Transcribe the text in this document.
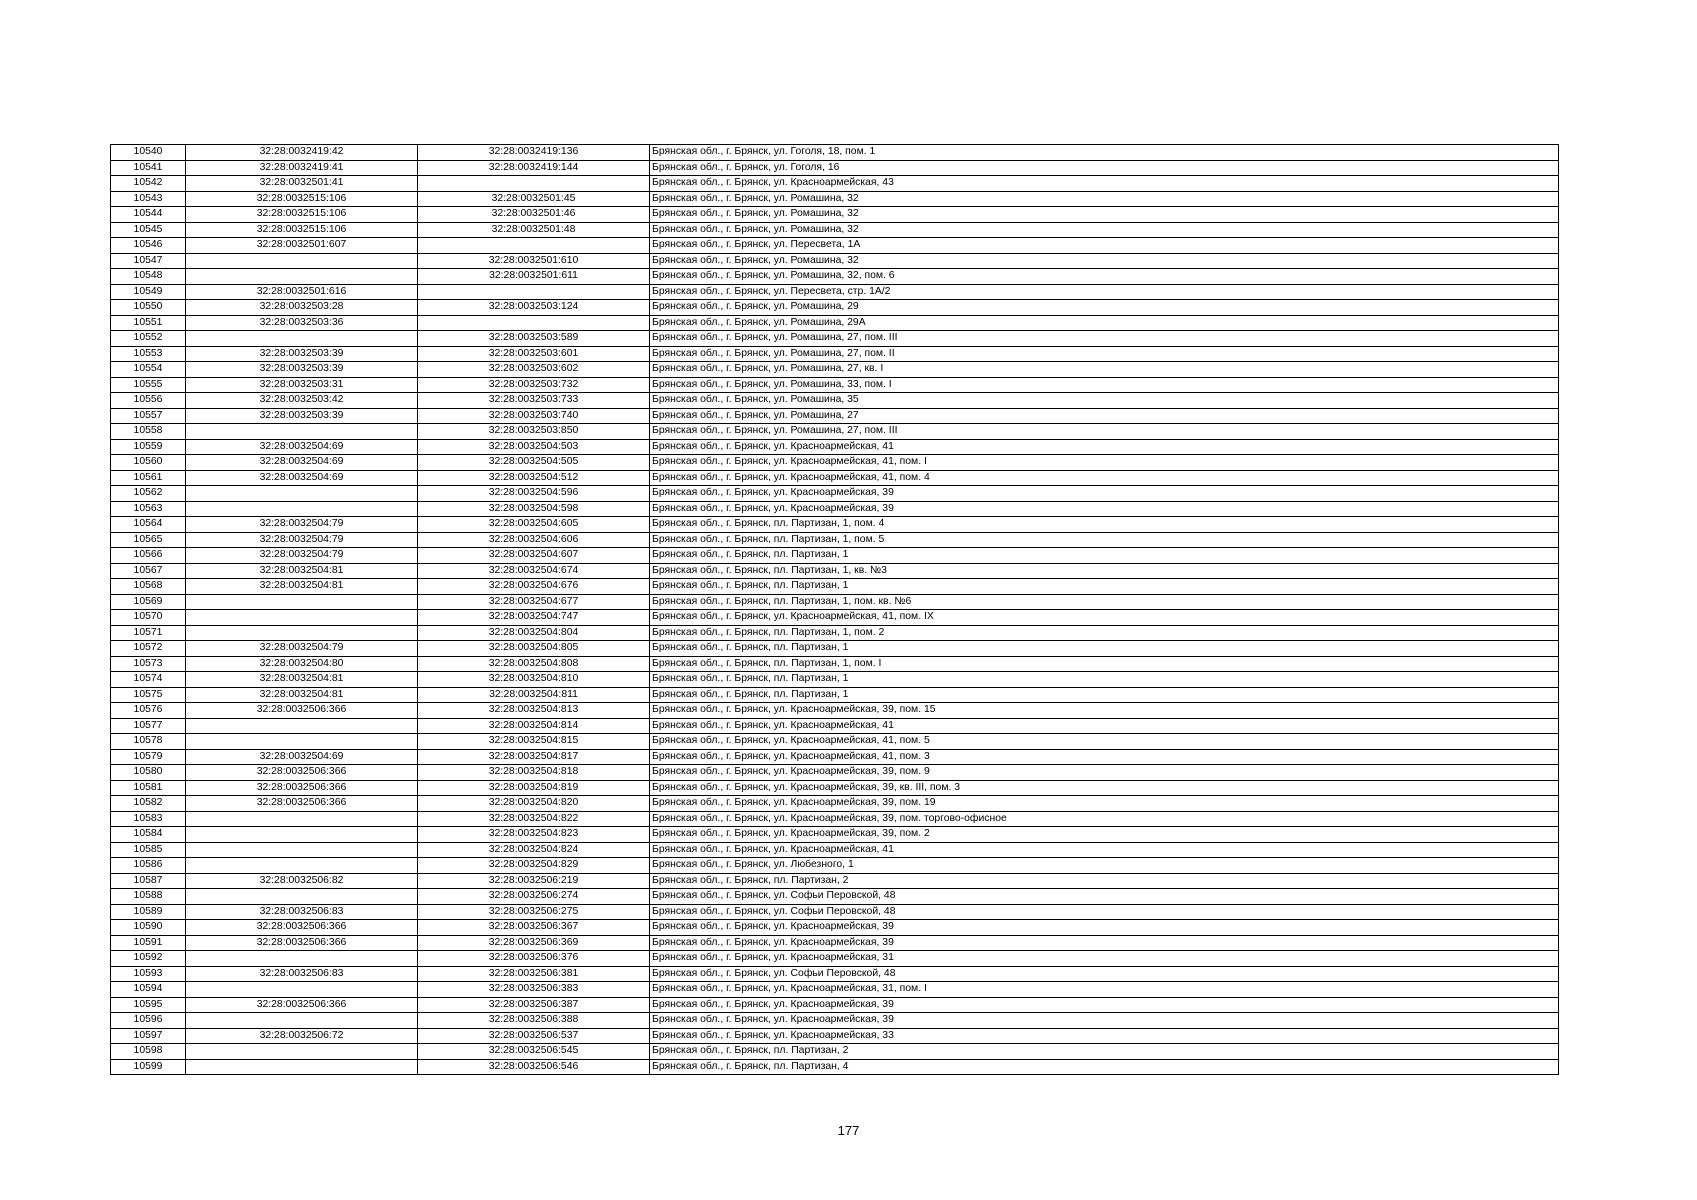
10540	32:28:0032419:42	32:28:0032419:136	Брянская обл., г. Брянск, ул. Гоголя, 18, пом. 1
10541	32:28:0032419:41	32:28:0032419:144	Брянская обл., г. Брянск, ул. Гоголя, 16
10542	32:28:0032501:41		Брянская обл., г. Брянск, ул. Красноармейская, 43
10543	32:28:0032515:106	32:28:0032501:45	Брянская обл., г. Брянск, ул. Ромашина, 32
10544	32:28:0032515:106	32:28:0032501:46	Брянская обл., г. Брянск, ул. Ромашина, 32
10545	32:28:0032515:106	32:28:0032501:48	Брянская обл., г. Брянск, ул. Ромашина, 32
10546	32:28:0032501:607		Брянская обл., г. Брянск, ул. Пересвета, 1А
10547		32:28:0032501:610	Брянская обл., г. Брянск, ул. Ромашина, 32
10548		32:28:0032501:611	Брянская обл., г. Брянск, ул. Ромашина, 32, пом. 6
10549	32:28:0032501:616		Брянская обл., г. Брянск, ул. Пересвета, стр. 1А/2
10550	32:28:0032503:28	32:28:0032503:124	Брянская обл., г. Брянск, ул. Ромашина, 29
10551	32:28:0032503:36		Брянская обл., г. Брянск, ул. Ромашина, 29А
10552		32:28:0032503:589	Брянская обл., г. Брянск, ул. Ромашина, 27, пом. III
10553	32:28:0032503:39	32:28:0032503:601	Брянская обл., г. Брянск, ул. Ромашина, 27, пом. II
10554	32:28:0032503:39	32:28:0032503:602	Брянская обл., г. Брянск, ул. Ромашина, 27, кв. I
10555	32:28:0032503:31	32:28:0032503:732	Брянская обл., г. Брянск, ул. Ромашина, 33, пом. I
10556	32:28:0032503:42	32:28:0032503:733	Брянская обл., г. Брянск, ул. Ромашина, 35
10557	32:28:0032503:39	32:28:0032503:740	Брянская обл., г. Брянск, ул. Ромашина, 27
10558		32:28:0032503:850	Брянская обл., г. Брянск, ул. Ромашина, 27, пом. III
10559	32:28:0032504:69	32:28:0032504:503	Брянская обл., г. Брянск, ул. Красноармейская, 41
10560	32:28:0032504:69	32:28:0032504:505	Брянская обл., г. Брянск, ул. Красноармейская, 41, пом. I
10561	32:28:0032504:69	32:28:0032504:512	Брянская обл., г. Брянск, ул. Красноармейская, 41, пом. 4
10562		32:28:0032504:596	Брянская обл., г. Брянск, ул. Красноармейская, 39
10563		32:28:0032504:598	Брянская обл., г. Брянск, ул. Красноармейская, 39
10564	32:28:0032504:79	32:28:0032504:605	Брянская обл., г. Брянск, пл. Партизан, 1, пом. 4
10565	32:28:0032504:79	32:28:0032504:606	Брянская обл., г. Брянск, пл. Партизан, 1, пом. 5
10566	32:28:0032504:79	32:28:0032504:607	Брянская обл., г. Брянск, пл. Партизан, 1
10567	32:28:0032504:81	32:28:0032504:674	Брянская обл., г. Брянск, пл. Партизан, 1, кв. №3
10568	32:28:0032504:81	32:28:0032504:676	Брянская обл., г. Брянск, пл. Партизан, 1
10569		32:28:0032504:677	Брянская обл., г. Брянск, пл. Партизан, 1, пом. кв. №6
10570		32:28:0032504:747	Брянская обл., г. Брянск, ул. Красноармейская, 41, пом. IX
10571		32:28:0032504:804	Брянская обл., г. Брянск, пл. Партизан, 1, пом. 2
10572	32:28:0032504:79	32:28:0032504:805	Брянская обл., г. Брянск, пл. Партизан, 1
10573	32:28:0032504:80	32:28:0032504:808	Брянская обл., г. Брянск, пл. Партизан, 1, пом. I
10574	32:28:0032504:81	32:28:0032504:810	Брянская обл., г. Брянск, пл. Партизан, 1
10575	32:28:0032504:81	32:28:0032504:811	Брянская обл., г. Брянск, пл. Партизан, 1
10576	32:28:0032506:366	32:28:0032504:813	Брянская обл., г. Брянск, ул. Красноармейская, 39, пом. 15
10577		32:28:0032504:814	Брянская обл., г. Брянск, ул. Красноармейская, 41
10578		32:28:0032504:815	Брянская обл., г. Брянск, ул. Красноармейская, 41, пом. 5
10579	32:28:0032504:69	32:28:0032504:817	Брянская обл., г. Брянск, ул. Красноармейская, 41, пом. 3
10580	32:28:0032506:366	32:28:0032504:818	Брянская обл., г. Брянск, ул. Красноармейская, 39, пом. 9
10581	32:28:0032506:366	32:28:0032504:819	Брянская обл., г. Брянск, ул. Красноармейская, 39, кв. III, пом. 3
10582	32:28:0032506:366	32:28:0032504:820	Брянская обл., г. Брянск, ул. Красноармейская, 39, пом. 19
10583		32:28:0032504:822	Брянская обл., г. Брянск, ул. Красноармейская, 39, пом. торгово-офисное
10584		32:28:0032504:823	Брянская обл., г. Брянск, ул. Красноармейская, 39, пом. 2
10585		32:28:0032504:824	Брянская обл., г. Брянск, ул. Красноармейская, 41
10586		32:28:0032504:829	Брянская обл., г. Брянск, ул. Любезного, 1
10587	32:28:0032506:82	32:28:0032506:219	Брянская обл., г. Брянск, пл. Партизан, 2
10588		32:28:0032506:274	Брянская обл., г. Брянск, ул. Софьи Перовской, 48
10589	32:28:0032506:83	32:28:0032506:275	Брянская обл., г. Брянск, ул. Софьи Перовской, 48
10590	32:28:0032506:366	32:28:0032506:367	Брянская обл., г. Брянск, ул. Красноармейская, 39
10591	32:28:0032506:366	32:28:0032506:369	Брянская обл., г. Брянск, ул. Красноармейская, 39
10592		32:28:0032506:376	Брянская обл., г. Брянск, ул. Красноармейская, 31
10593	32:28:0032506:83	32:28:0032506:381	Брянская обл., г. Брянск, ул. Софьи Перовской, 48
10594		32:28:0032506:383	Брянская обл., г. Брянск, ул. Красноармейская, 31, пом. I
10595	32:28:0032506:366	32:28:0032506:387	Брянская обл., г. Брянск, ул. Красноармейская, 39
10596		32:28:0032506:388	Брянская обл., г. Брянск, ул. Красноармейская, 39
10597	32:28:0032506:72	32:28:0032506:537	Брянская обл., г. Брянск, ул. Красноармейская, 33
10598		32:28:0032506:545	Брянская обл., г. Брянск, пл. Партизан, 2
10599		32:28:0032506:546	Брянская обл., г. Брянск, пл. Партизан, 4
177
